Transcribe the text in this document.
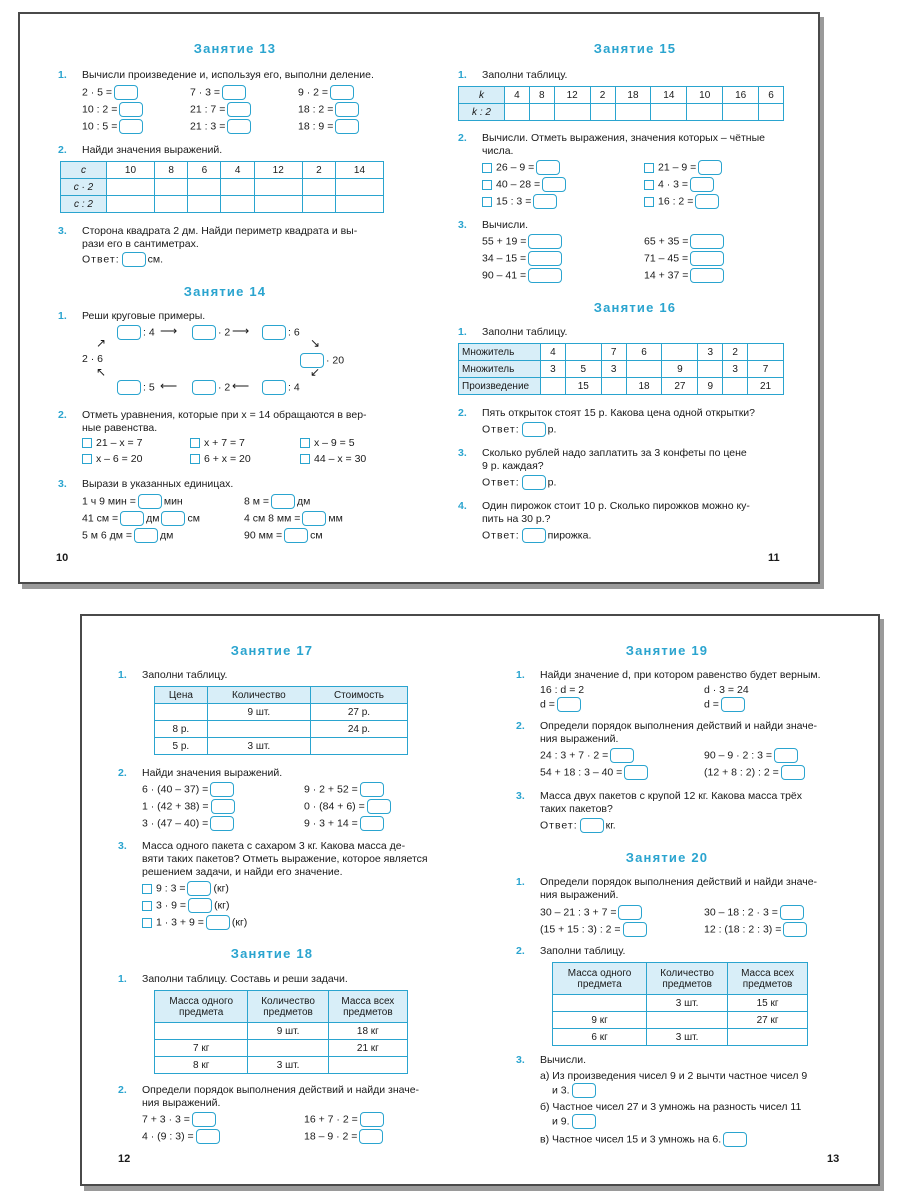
Занятие 13
1. Вычисли произведение и, используя его, выполни деление.
2 · 5 =	7 · 3 =	9 · 2 =
10 : 2 =	21 : 7 =	18 : 2 =
10 : 5 =	21 : 3 =	18 : 9 =
2. Найди значения выражений.
c	10	8	6	4	12	2	14
c · 2							
c : 2							
3. Сторона квадрата 2 дм. Найди периметр квадрата и вы-
рази его в сантиметрах.
Ответ:	см.
Занятие 14
1. Реши круговые примеры.
: 4 ⟶	· 2 ⟶	: 6
↘
· 20
↙
: 4
⟵
· 2
⟵
: 5
↖
2 · 6
↗
2. Отметь уравнения, которые при x = 14 обращаются в вер-
ные равенства.
21 – x = 7	x + 7 = 7	x – 9 = 5
x – 6 = 20	6 + x = 20	44 – x = 30
3. Вырази в указанных единицах.
1 ч 9 мин =	мин	8 м =	дм
41 см =	дм	см	4 см 8 мм =	мм
5 м 6 дм =	дм	90 мм =	см
10
Занятие 15
1. Заполни таблицу.
k	4	8	12	2	18	14	10	16	6
k : 2									
2. Вычисли. Отметь выражения, значения которых – чётные
числа.
26 – 9 =	21 – 9 =
40 – 28 =	4 · 3 =
15 : 3 =	16 : 2 =
3. Вычисли.
55 + 19 =	65 + 35 =
34 – 15 =	71 – 45 =
90 – 41 =	14 + 37 =
Занятие 16
1. Заполни таблицу.
Множитель	4		7	6		3	2	
Множитель	3	5	3		9		3	7
Произведение		15		18	27	9		21
2. Пять открыток стоят 15 р. Какова цена одной открытки?
Ответ:	р.
3. Сколько рублей надо заплатить за 3 конфеты по цене
9 р. каждая?
Ответ:	р.
4. Один пирожок стоит 10 р. Сколько пирожков можно ку-
пить на 30 р.?
Ответ:	пирожка.
11
Занятие 17
1. Заполни таблицу.
Цена	Количество	Стоимость
	9 шт.	27 р.
8 р.		24 р.
5 р.	3 шт.	
2. Найди значения выражений.
6 · (40 – 37) =	9 · 2 + 52 =
1 · (42 + 38) =	0 · (84 + 6) =
3 · (47 – 40) =	9 · 3 + 14 =
3. Масса одного пакета с сахаром 3 кг. Какова масса де-
вяти таких пакетов? Отметь выражение, которое является
решением задачи, и найди его значение.
9 : 3 =	(кг)
3 · 9 =	(кг)
1 · 3 + 9 =	(кг)
Занятие 18
1. Заполни таблицу. Составь и реши задачи.
Масса одного
предмета	Количество
предметов	Масса всех
предметов
	9 шт.	18 кг
7 кг		21 кг
8 кг	3 шт.	
2. Определи порядок выполнения действий и найди значе-
ния выражений.
7 + 3 · 3 =	16 + 7 · 2 =
4 · (9 : 3) =	18 – 9 · 2 =
12
Занятие 19
1. Найди значение d, при котором равенство будет верным.
16 : d = 2	d · 3 = 24
d =	d =
2. Определи порядок выполнения действий и найди значе-
ния выражений.
24 : 3 + 7 · 2 =	90 – 9 · 2 : 3 =
54 + 18 : 3 – 40 =	(12 + 8 : 2) : 2 =
3. Масса двух пакетов с крупой 12 кг. Какова масса трёх
таких пакетов?
Ответ:	кг.
Занятие 20
1. Определи порядок выполнения действий и найди значе-
ния выражений.
30 – 21 : 3 + 7 =	30 – 18 : 2 · 3 =
(15 + 15 : 3) : 2 =	12 : (18 : 2 : 3) =
2. Заполни таблицу.
Масса одного
предмета	Количество
предметов	Масса всех
предметов
	3 шт.	15 кг
9 кг		27 кг
6 кг	3 шт.	
3. Вычисли.
а) Из произведения чисел 9 и 2 вычти частное чисел 9
и 3.
б) Частное чисел 27 и 3 умножь на разность чисел 11
и 9.
в) Частное чисел 15 и 3 умножь на 6.
13
